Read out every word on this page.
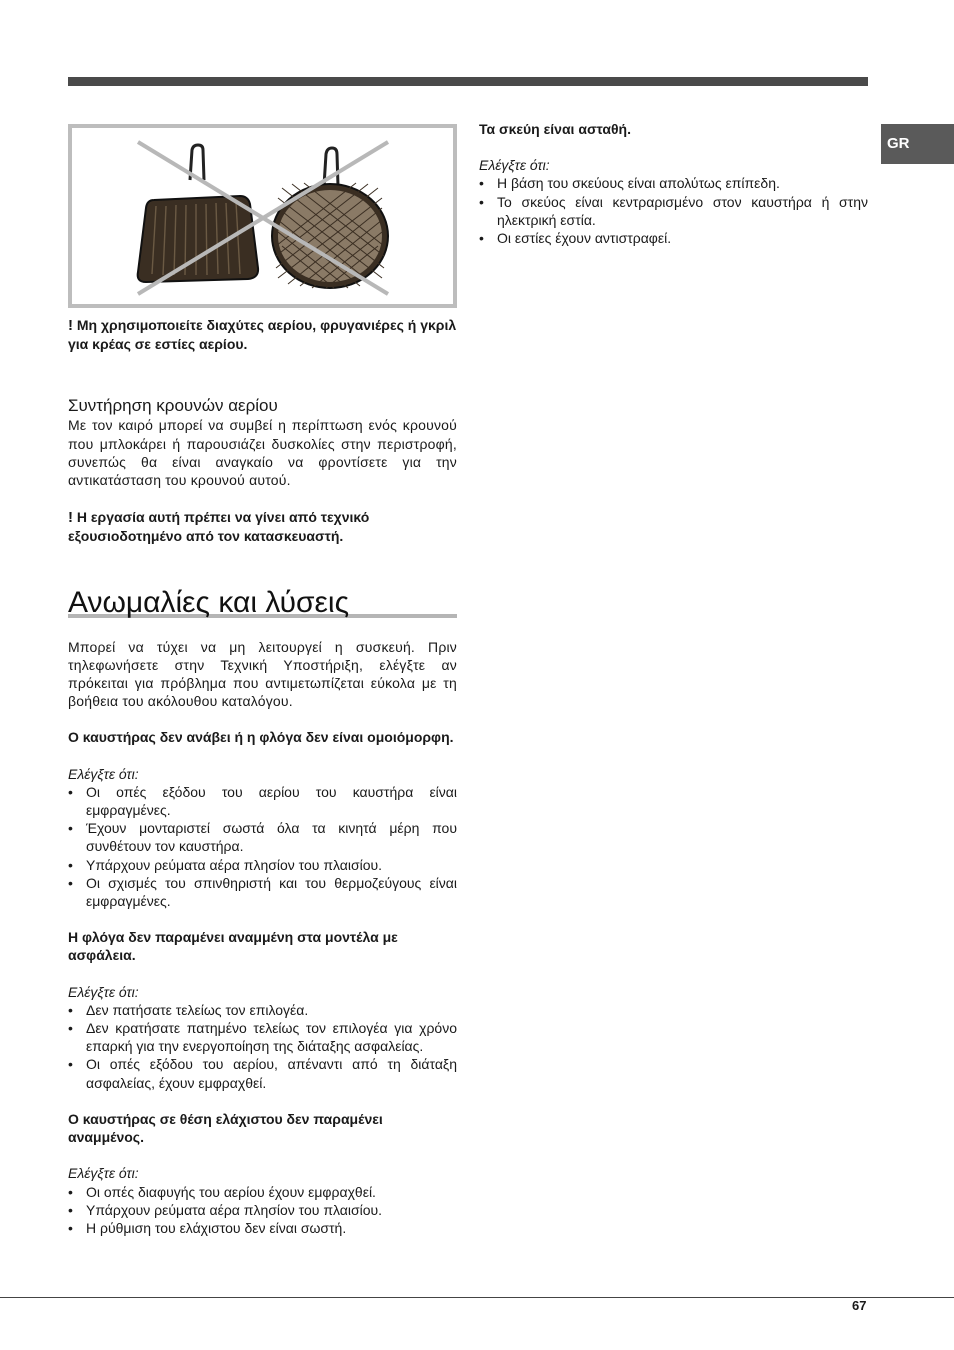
GR

! Μη χρησιμοποιείτε διαχύτες αερίου, φρυγανιέρες ή γκριλ για κρέας σε εστίες αερίου.

Συντήρηση κρουνών αερίου

Με τον καιρό μπορεί να συμβεί η περίπτωση ενός κρουνού που μπλοκάρει ή παρουσιάζει δυσκολίες στην περιστροφή, συνεπώς θα είναι αναγκαίο να φροντίσετε για την αντικατάσταση του κρουνού αυτού.

! Η εργασία αυτή πρέπει να γίνει από τεχνικό εξουσιοδοτημένο από τον κατασκευαστή.

Ανωμαλίες και λύσεις

Μπορεί να τύχει να μη λειτουργεί η συσκευή. Πριν τηλεφωνήσετε στην Τεχνική Υποστήριξη, ελέγξτε αν πρόκειται για πρόβλημα που αντιμετωπίζεται εύκολα με τη βοήθεια του ακόλουθου καταλόγου.

Ο καυστήρας δεν ανάβει ή η φλόγα δεν είναι ομοιόμορφη.

Ελέγξτε ότι:

• Οι οπές εξόδου του αερίου του καυστήρα είναι εμφραγμένες.
• Έχουν μονταριστεί σωστά όλα τα κινητά μέρη που συνθέτουν τον καυστήρα.
• Υπάρχουν ρεύματα αέρα πλησίον του πλαισίου.
• Οι σχισμές του σπινθηριστή και του θερμοζεύγους είναι εμφραγμένες.

Η φλόγα δεν παραμένει αναμμένη στα μοντέλα με ασφάλεια.

Ελέγξτε ότι:

• Δεν πατήσατε τελείως τον επιλογέα.
• Δεν κρατήσατε πατημένο τελείως τον επιλογέα για χρόνο επαρκή για την ενεργοποίηση της διάταξης ασφαλείας.
• Οι οπές εξόδου του αερίου, απέναντι από τη διάταξη ασφαλείας, έχουν εμφραχθεί.

Ο καυστήρας σε θέση ελάχιστου δεν παραμένει αναμμένος.

Ελέγξτε ότι:

• Οι οπές διαφυγής του αερίου έχουν εμφραχθεί.
• Υπάρχουν ρεύματα αέρα πλησίον του πλαισίου.
• Η ρύθμιση του ελάχιστου δεν είναι σωστή.

Τα σκεύη είναι ασταθή.

Ελέγξτε ότι:

• Η βάση του σκεύους είναι απολύτως επίπεδη.
• Το σκεύος είναι κεντραρισμένο στον καυστήρα ή στην ηλεκτρική εστία.
• Οι εστίες έχουν αντιστραφεί.
67
